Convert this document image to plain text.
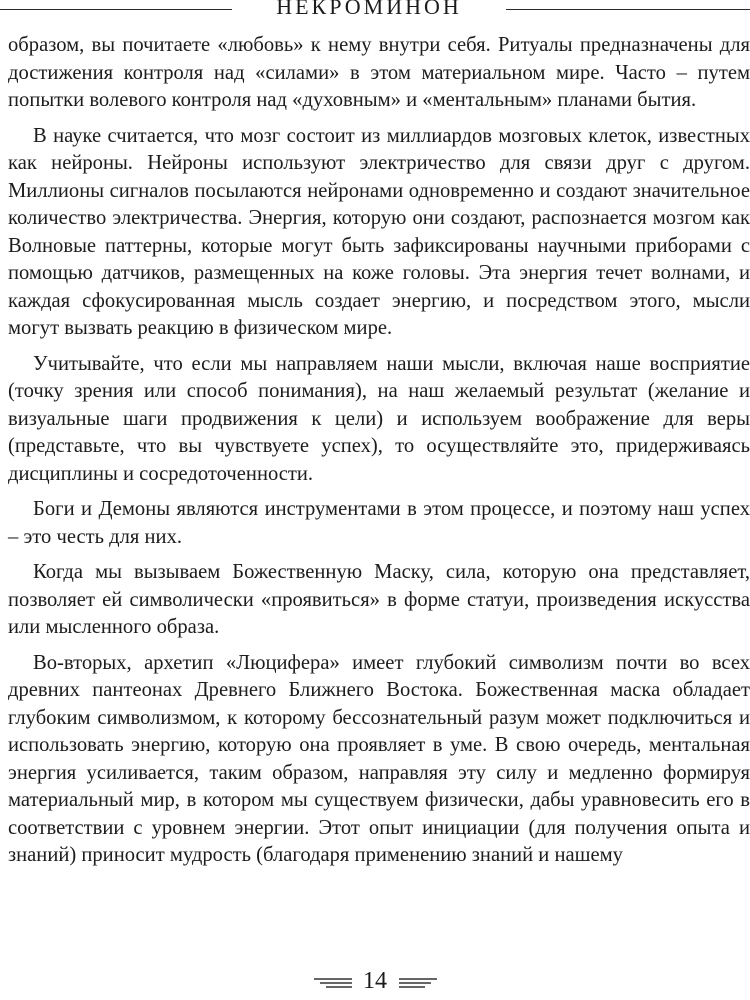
НЕКРОМИНОН

образом, вы почитаете «любовь» к нему внутри себя. Ритуалы предназначены для достижения контроля над «силами» в этом материальном мире. Часто – путем попытки волевого контроля над «духовным» и «ментальным» планами бытия.

В науке считается, что мозг состоит из миллиардов мозговых клеток, известных как нейроны. Нейроны используют электричество для связи друг с другом. Миллионы сигналов посылаются нейронами одновременно и создают значительное количество электричества. Энергия, которую они создают, распознается мозгом как Волновые паттерны, которые могут быть зафиксированы научными приборами с помощью датчиков, размещенных на коже головы. Эта энергия течет волнами, и каждая сфокусированная мысль создает энергию, и посредством этого, мысли могут вызвать реакцию в физическом мире.

Учитывайте, что если мы направляем наши мысли, включая наше восприятие (точку зрения или способ понимания), на наш желаемый результат (желание и визуальные шаги продвижения к цели) и используем воображение для веры (представьте, что вы чувствуете успех), то осуществляйте это, придерживаясь дисциплины и сосредоточенности.

Боги и Демоны являются инструментами в этом процессе, и поэтому наш успех – это честь для них.

Когда мы вызываем Божественную Маску, сила, которую она представляет, позволяет ей символически «проявиться» в форме статуи, произведения искусства или мысленного образа.

Во-вторых, архетип «Люцифера» имеет глубокий символизм почти во всех древних пантеонах Древнего Ближнего Востока. Божественная маска обладает глубоким символизмом, к которому бессознательный разум может подключиться и использовать энергию, которую она проявляет в уме. В свою очередь, ментальная энергия усиливается, таким образом, направляя эту силу и медленно формируя материальный мир, в котором мы существуем физически, дабы уравновесить его в соответствии с уровнем энергии. Этот опыт инициации (для получения опыта и знаний) приносит мудрость (благодаря применению знаний и нашему

14
